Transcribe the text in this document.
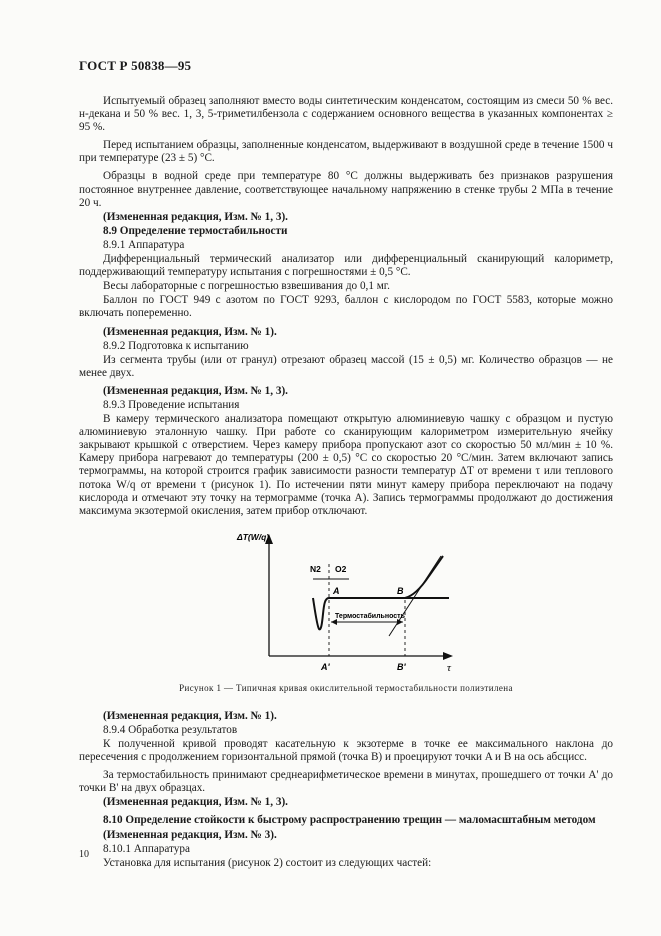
ГОСТ Р 50838—95

Испытуемый образец заполняют вместо воды синтетическим конденсатом, состоящим из смеси 50 % вес. н-декана и 50 % вес. 1, 3, 5-триметилбензола с содержанием основного вещества в указанных компонентах ≥ 95 %.

Перед испытанием образцы, заполненные конденсатом, выдерживают в воздушной среде в течение 1500 ч при температуре (23 ± 5) °С.

Образцы в водной среде при температуре 80 °С должны выдерживать без признаков разрушения постоянное внутреннее давление, соответствующее начальному напряжению в стенке трубы 2 МПа в течение 20 ч.

(Измененная редакция, Изм. № 1, 3).

8.9 Определение термостабильности

8.9.1 Аппаратура

Дифференциальный термический анализатор или дифференциальный сканирующий калориметр, поддерживающий температуру испытания с погрешностями ± 0,5 °С.

Весы лабораторные с погрешностью взвешивания до 0,1 мг.

Баллон по ГОСТ 949 с азотом по ГОСТ 9293, баллон с кислородом по ГОСТ 5583, которые можно включать попеременно.

(Измененная редакция, Изм. № 1).

8.9.2 Подготовка к испытанию

Из сегмента трубы (или от гранул) отрезают образец массой (15 ± 0,5) мг. Количество образцов — не менее двух.

(Измененная редакция, Изм. № 1, 3).

8.9.3 Проведение испытания

В камеру термического анализатора помещают открытую алюминиевую чашку с образцом и пустую алюминиевую эталонную чашку. При работе со сканирующим калориметром измерительную ячейку закрывают крышкой с отверстием. Через камеру прибора пропускают азот со скоростью 50 мл/мин ± 10 %. Камеру прибора нагревают до температуры (200 ± 0,5) °С со скоростью 20 °С/мин. Затем включают запись термограммы, на которой строится график зависимости разности температур ΔT от времени τ или теплового потока W/q от времени τ (рисунок 1). По истечении пяти минут камеру прибора переключают на подачу кислорода и отмечают эту точку на термограмме (точка А). Запись термограммы продолжают до достижения максимума экзотермой окисления, затем прибор отключают.

ΔT(W/q)
τ
N2 O2
A	B
Термостабильность
A'	B'

Рисунок 1 — Типичная кривая окислительной термостабильности полиэтилена

(Измененная редакция, Изм. № 1).

8.9.4 Обработка результатов

К полученной кривой проводят касательную к экзотерме в точке ее максимального наклона до пересечения с продолжением горизонтальной прямой (точка B) и проецируют точки A и B на ось абсцисс.

За термостабильность принимают среднеарифметическое времени в минутах, прошедшего от точки A' до точки B' на двух образцах.

(Измененная редакция, Изм. № 1, 3).

8.10 Определение стойкости к быстрому распространению трещин — маломасштабным методом

(Измененная редакция, Изм. № 3).

8.10.1 Аппаратура

Установка для испытания (рисунок 2) состоит из следующих частей:

10
